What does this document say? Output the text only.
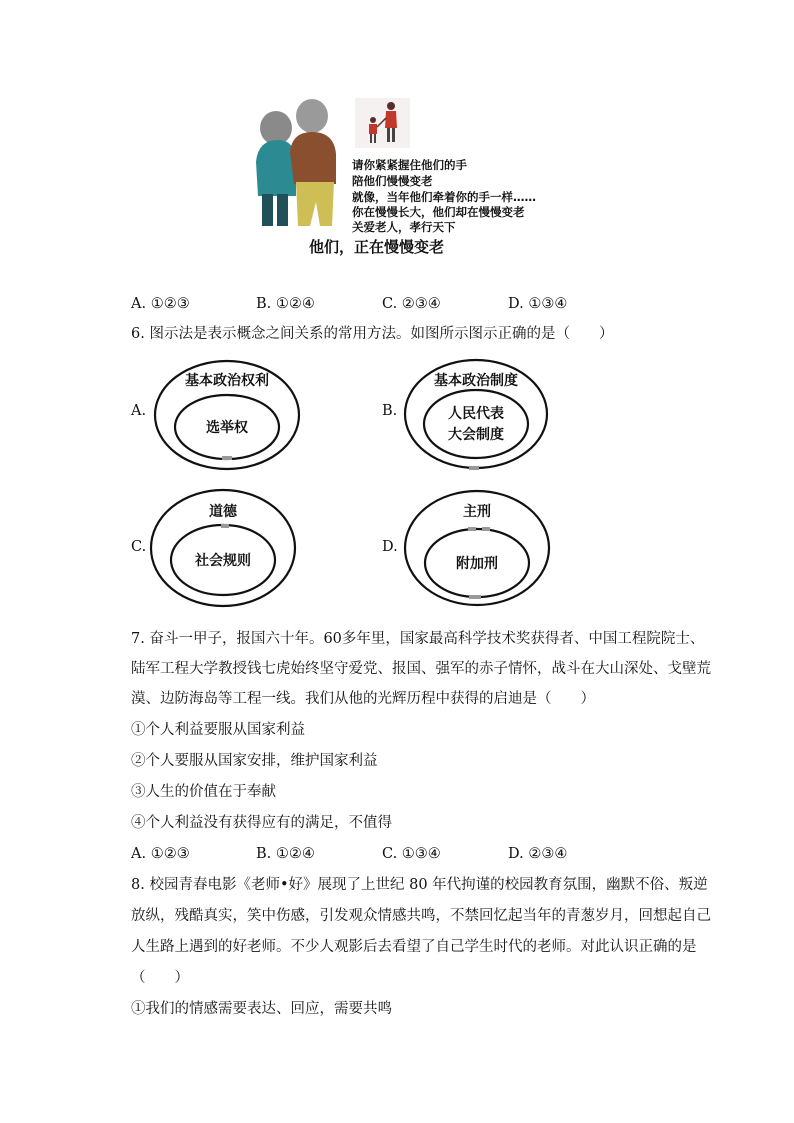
请你紧紧握住他们的手
陪他们慢慢变老
就像，当年他们牵着你的手一样……
你在慢慢长大，他们却在慢慢变老
关爱老人，孝行天下
他们，正在慢慢变老
A. ①②③	B. ①②④	C. ②③④	D. ①③④
6. 图示法是表示概念之间关系的常用方法。如图所示图示正确的是（　　）
A.
基本政治权利
选举权
B.
基本政治制度
人民代表
大会制度
C.
道德
社会规则
D.
主刑
附加刑
7. 奋斗一甲子，报国六十年。60多年里，国家最高科学技术奖获得者、中国工程院院士、
陆军工程大学教授钱七虎始终坚守爱党、报国、强军的赤子情怀，战斗在大山深处、戈壁荒
漠、边防海岛等工程一线。我们从他的光辉历程中获得的启迪是（　　）
①个人利益要服从国家利益
②个人要服从国家安排，维护国家利益
③人生的价值在于奉献
④个人利益没有获得应有的满足，不值得
A. ①②③	B. ①②④	C. ①③④	D. ②③④
8. 校园青春电影《老师•好》展现了上世纪 80 年代拘谨的校园教育氛围，幽默不俗、叛逆
放纵，残酷真实，笑中伤感，引发观众情感共鸣，不禁回忆起当年的青葱岁月，回想起自己
人生路上遇到的好老师。不少人观影后去看望了自己学生时代的老师。对此认识正确的是
（　　）
①我们的情感需要表达、回应，需要共鸣
